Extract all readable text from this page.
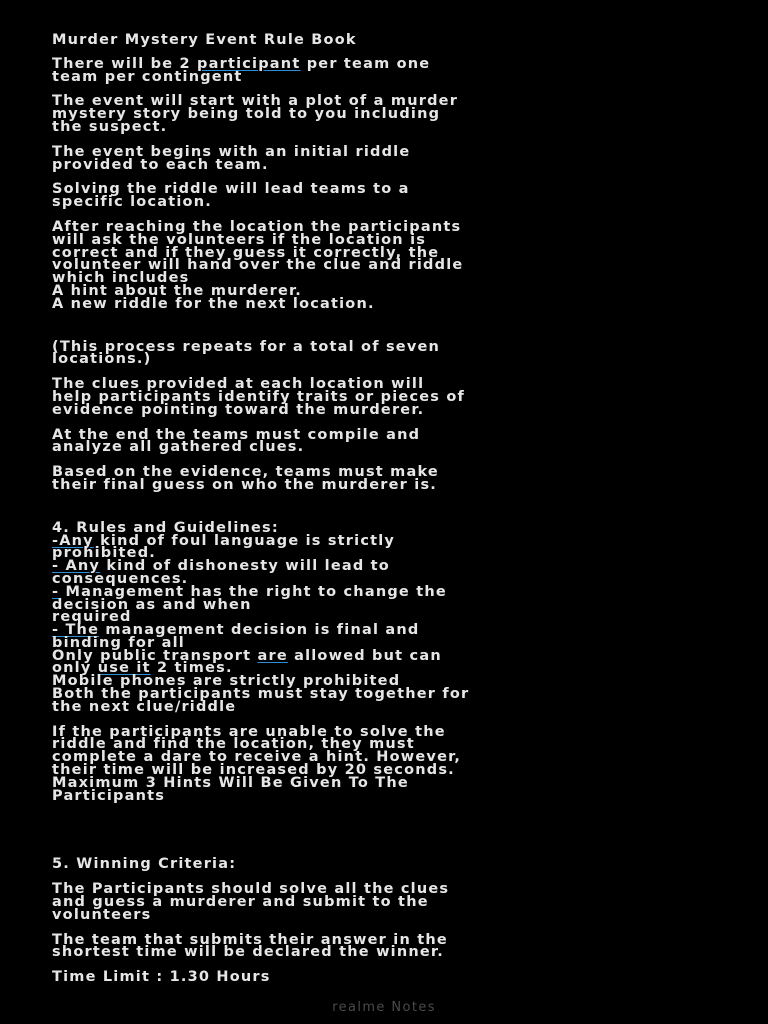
Murder Mystery Event Rule Book

There will be 2 participant per team one
team per contingent

The event will start with a plot of a murder
mystery story being told to you including
the suspect.

The event begins with an initial riddle
provided to each team.

Solving the riddle will lead teams to a
specific location.

After reaching the location the participants
will ask the volunteers if the location is
correct and if they guess it correctly, the
volunteer will hand over the clue and riddle
which includes
A hint about the murderer.
A new riddle for the next location.

(This process repeats for a total of seven
locations.)

The clues provided at each location will
help participants identify traits or pieces of
evidence pointing toward the murderer.

At the end the teams must compile and
analyze all gathered clues.

Based on the evidence, teams must make
their final guess on who the murderer is.

4. Rules and Guidelines:

-Any kind of foul language is strictly
prohibited.

- Any kind of dishonesty will lead to
consequences.

- Management has the right to change the
decision as and when
required

- The management decision is final and
binding for all

Only public transport are allowed but can
only use it 2 times.

Mobile phones are strictly prohibited

Both the participants must stay together for
the next clue/riddle

If the participants are unable to solve the
riddle and find the location, they must
complete a dare to receive a hint. However,
their time will be increased by 20 seconds.
Maximum 3 Hints Will Be Given To The
Participants

5. Winning Criteria:

The Participants should solve all the clues
and guess a murderer and submit to the
volunteers

The team that submits their answer in the
shortest time will be declared the winner.

Time Limit : 1.30 Hours

realme Notes
